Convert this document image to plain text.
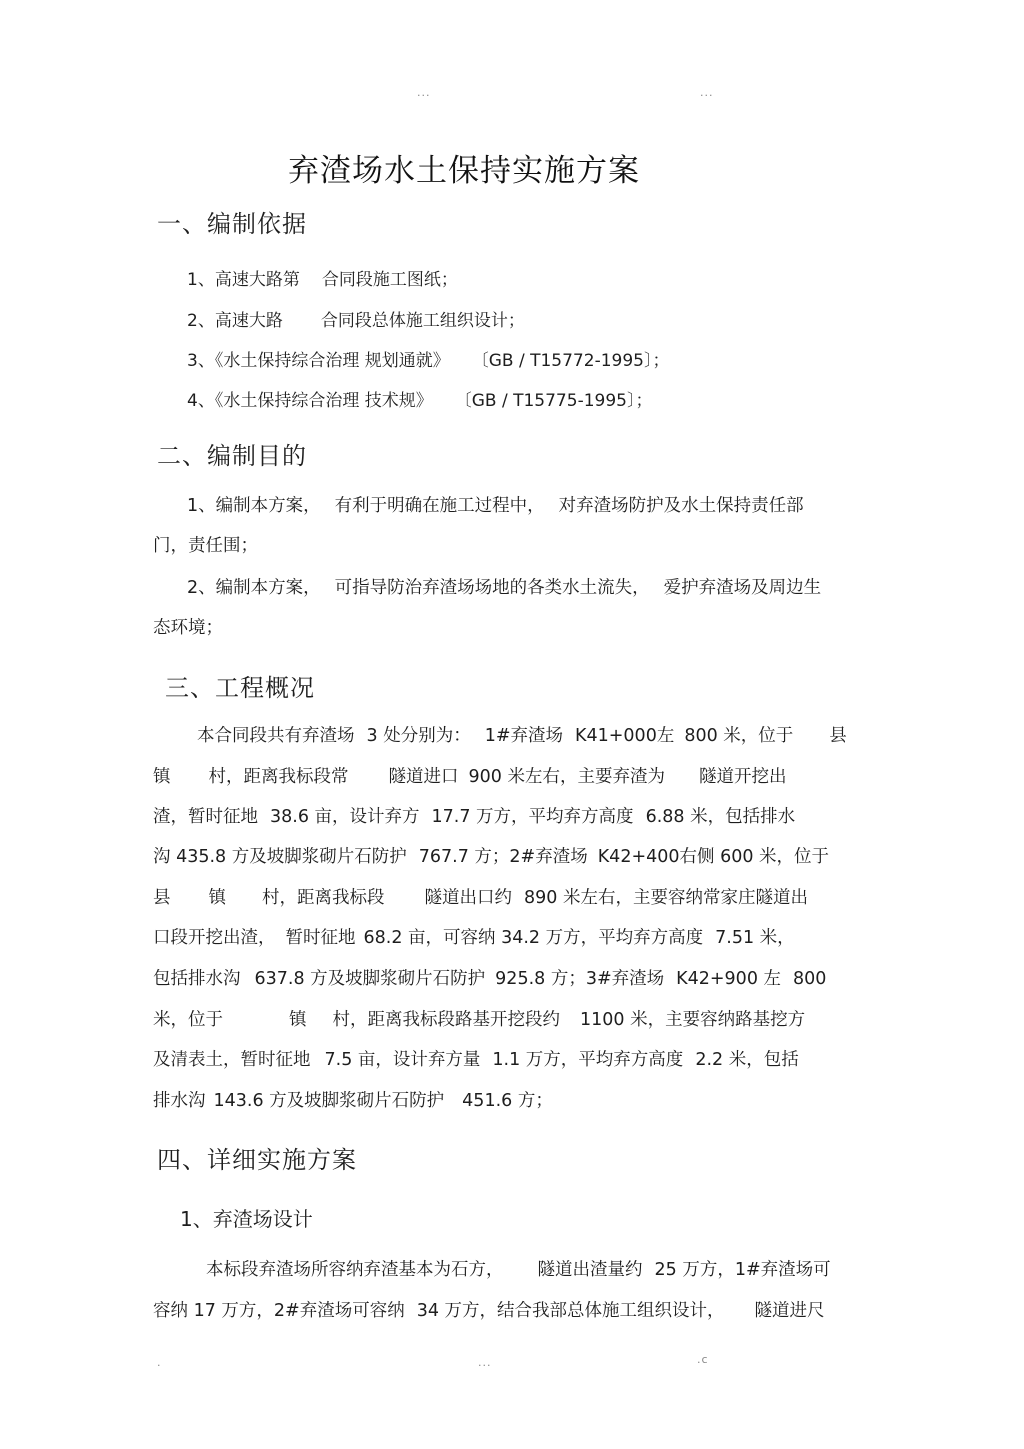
...	...
弃渣场水土保持实施方案
一、编制依据
1、高速大路第 合同段施工图纸；
2、高速大路 合同段总体施工组织设计；
3、《水土保持综合治理 规划通就》 〔GB / T15772-1995〕；
4、《水土保持综合治理 技术规》 〔GB / T15775-1995〕；
二、编制目的
1、编制本方案， 有利于明确在施工过程中， 对弃渣场防护及水土保持责任部
门，责任围；
2、编制本方案， 可指导防治弃渣场场地的各类水土流失， 爱护弃渣场及周边生
态环境；
三、工程概况
本合同段共有弃渣场 3 处分别为： 1#弃渣场 K41+000左 800 米，位于 县
镇 村，距离我标段常 隧道进口 900 米左右，主要弃渣为 隧道开挖出
渣，暂时征地 38.6 亩，设计弃方 17.7 万方，平均弃方高度 6.88 米，包括排水
沟 435.8 方及坡脚浆砌片石防护 767.7 方；2#弃渣场 K42+400右侧 600 米，位于
县 镇 村，距离我标段 隧道出口约 890 米左右，主要容纳常家庄隧道出
口段开挖出渣， 暂时征地 68.2 亩，可容纳 34.2 万方，平均弃方高度 7.51 米，
包括排水沟 637.8 方及坡脚浆砌片石防护 925.8 方；3#弃渣场 K42+900 左 800
米，位于	镇 村，距离我标段路基开挖段约 1100 米，主要容纳路基挖方
及清表土，暂时征地 7.5 亩，设计弃方量 1.1 万方，平均弃方高度 2.2 米，包括
排水沟 143.6 方及坡脚浆砌片石防护 451.6 方；
四、详细实施方案
1、弃渣场设计
本标段弃渣场所容纳弃渣基本为石方， 隧道出渣量约 25 万方，1#弃渣场可
容纳 17 万方，2#弃渣场可容纳 34 万方，结合我部总体施工组织设计， 隧道进尺
.	...	.c
